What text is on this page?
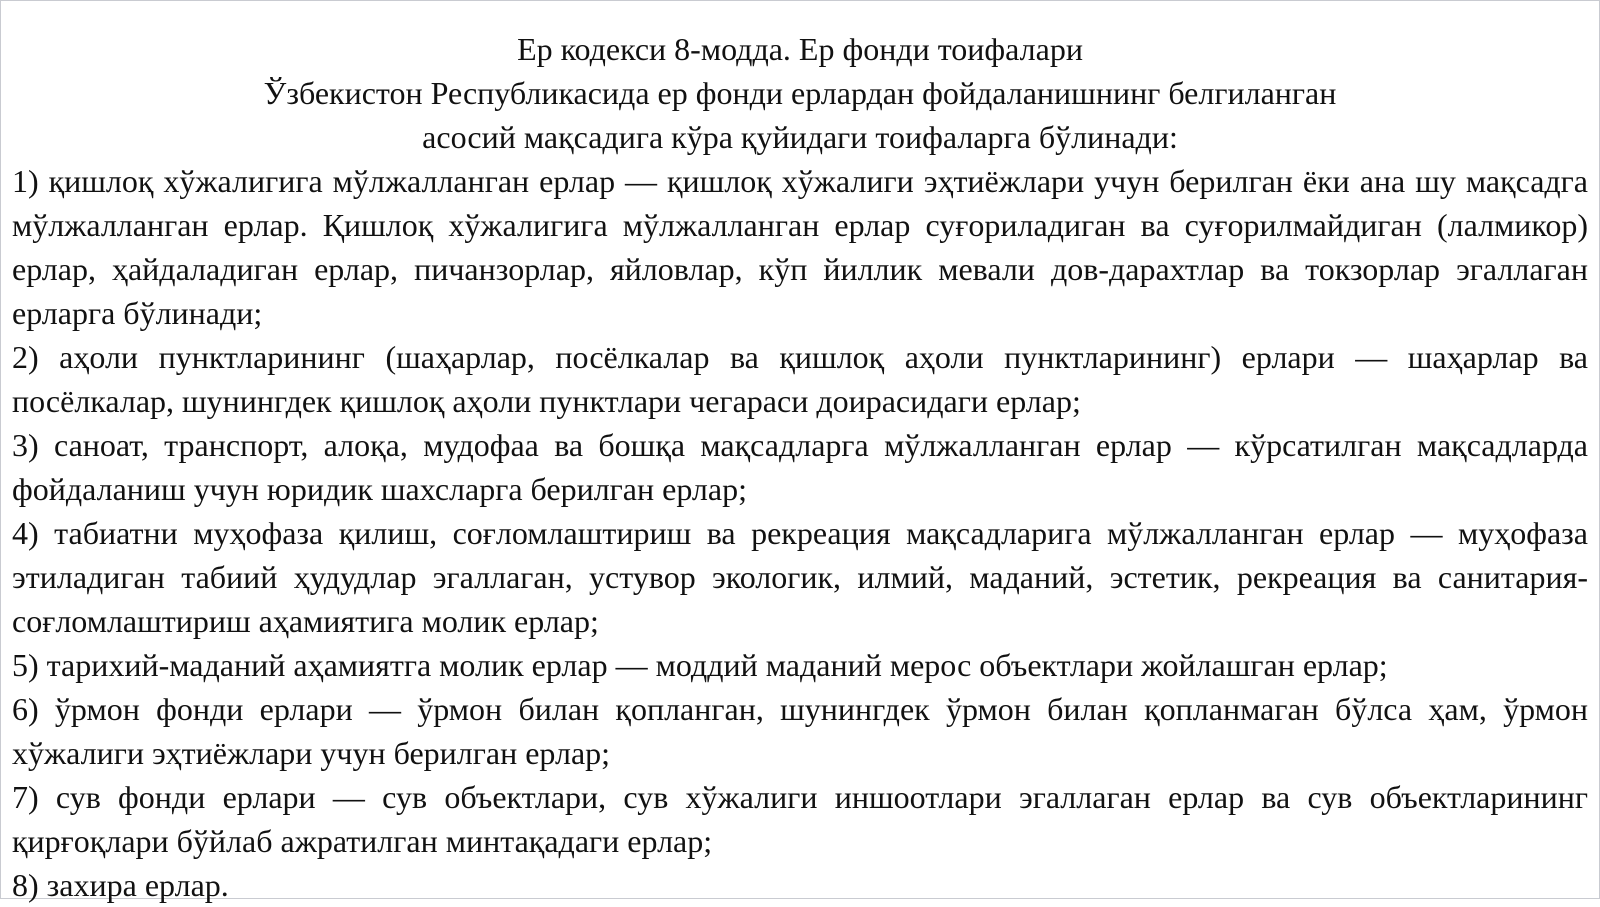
Ер кодекси 8-модда. Ер фонди тоифалари
Ўзбекистон Республикасида ер фонди ерлардан фойдаланишнинг белгиланган
асосий мақсадига кўра қуйидаги тоифаларга бўлинади:

1) қишлоқ хўжалигига мўлжалланган ерлар — қишлоқ хўжалиги эҳтиёжлари учун берилган ёки ана шу мақсадга мўлжалланган ерлар. Қишлоқ хўжалигига мўлжалланган ерлар суғориладиган ва суғорилмайдиган (лалмикор) ерлар, ҳайдаладиган ерлар, пичанзорлар, яйловлар, кўп йиллик мевали дов-дарахтлар ва токзорлар эгаллаган ерларга бўлинади;

2) аҳоли пунктларининг (шаҳарлар, посёлкалар ва қишлоқ аҳоли пунктларининг) ерлари — шаҳарлар ва посёлкалар, шунингдек қишлоқ аҳоли пунктлари чегараси доирасидаги ерлар;

3) саноат, транспорт, алоқа, мудофаа ва бошқа мақсадларга мўлжалланган ерлар — кўрсатилган мақсадларда фойдаланиш учун юридик шахсларга берилган ерлар;

4) табиатни муҳофаза қилиш, соғломлаштириш ва рекреация мақсадларига мўлжалланган ерлар — муҳофаза этиладиган табиий ҳудудлар эгаллаган, устувор экологик, илмий, маданий, эстетик, рекреация ва санитария-соғломлаштириш аҳамиятига молик ерлар;

5) тарихий-маданий аҳамиятга молик ерлар — моддий маданий мерос объектлари жойлашган ерлар;

6) ўрмон фонди ерлари — ўрмон билан қопланган, шунингдек ўрмон билан қопланмаган бўлса ҳам, ўрмон хўжалиги эҳтиёжлари учун берилган ерлар;

7) сув фонди ерлари — сув объектлари, сув хўжалиги иншоотлари эгаллаган ерлар ва сув объектларининг қирғоқлари бўйлаб ажратилган минтақадаги ерлар;

8) захира ерлар.
